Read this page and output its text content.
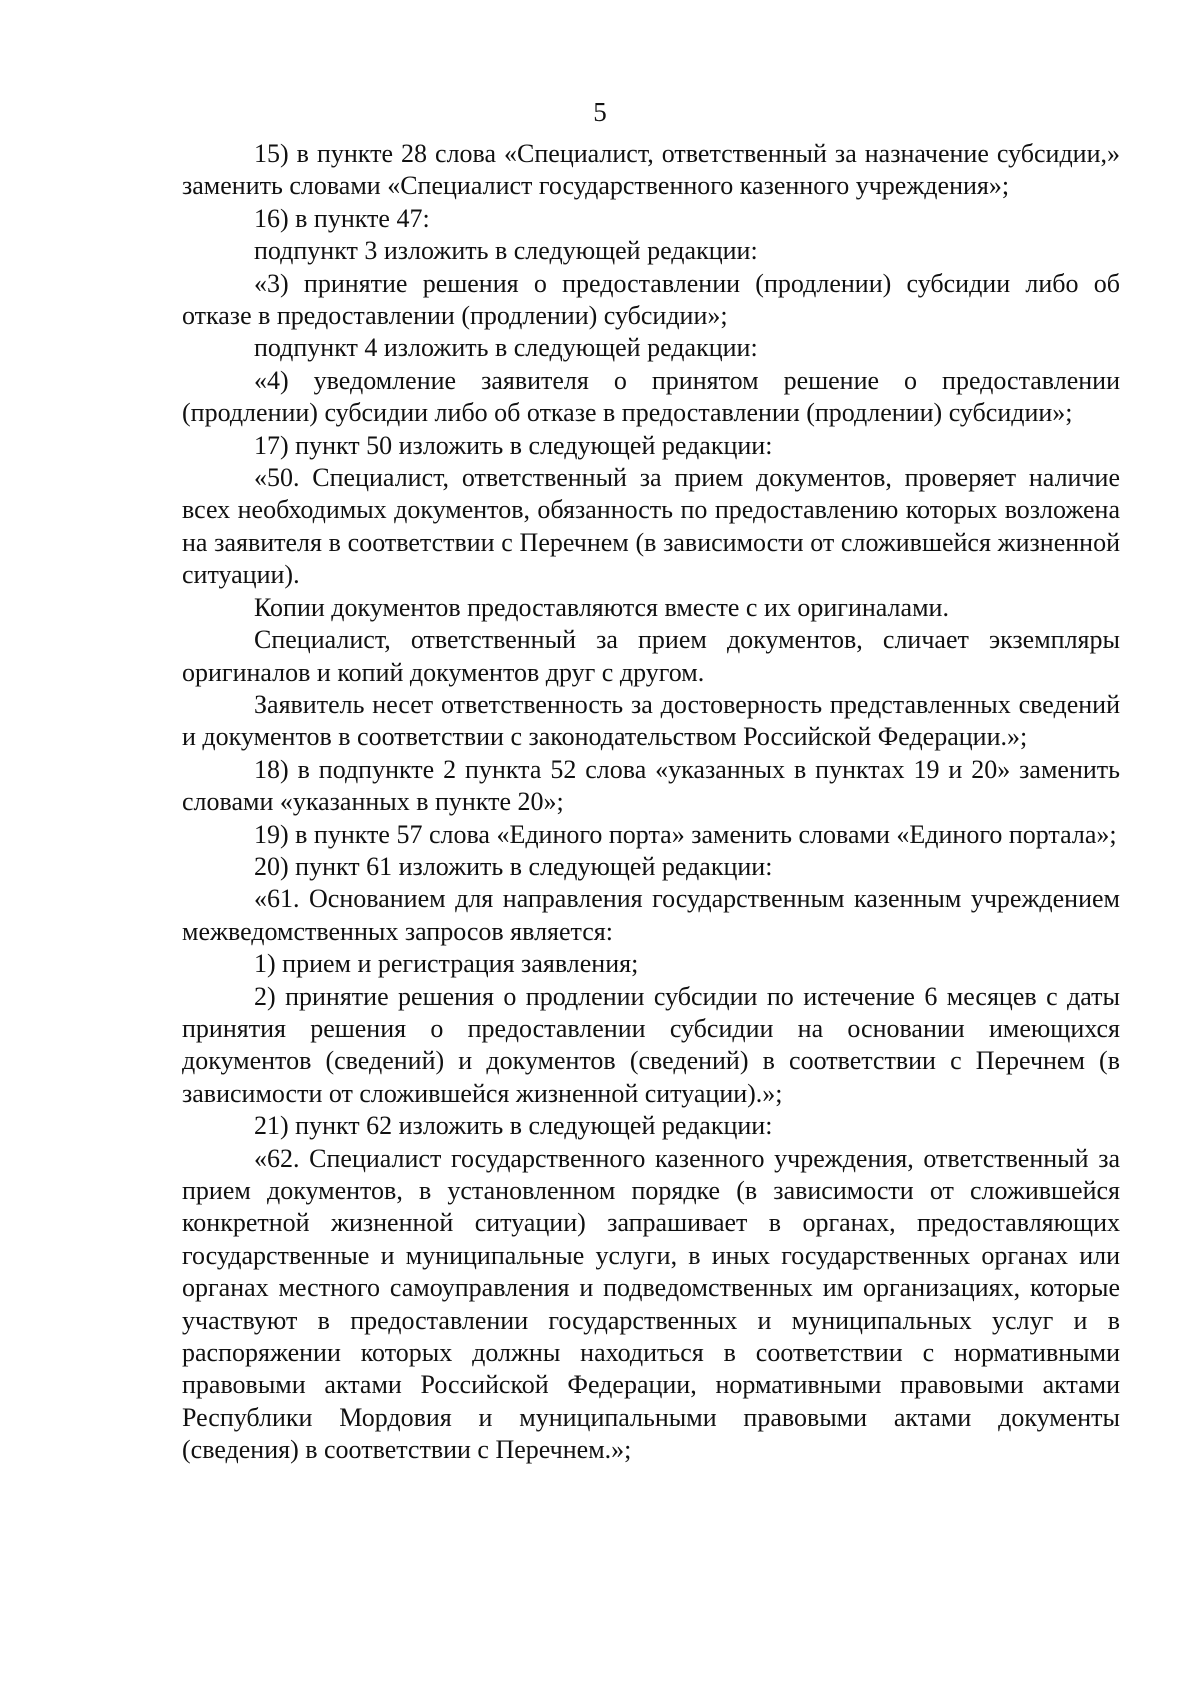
5

15) в пункте 28 слова «Специалист, ответственный за назначение субсидии,» заменить словами «Специалист государственного казенного учреждения»;

16) в пункте 47:

подпункт 3 изложить в следующей редакции:

«3) принятие решения о предоставлении (продлении) субсидии либо об отказе в предоставлении (продлении) субсидии»;

подпункт 4 изложить в следующей редакции:

«4) уведомление заявителя о принятом решение о предоставлении (продлении) субсидии либо об отказе в предоставлении (продлении) субсидии»;

17) пункт 50 изложить в следующей редакции:

«50. Специалист, ответственный за прием документов, проверяет наличие всех необходимых документов, обязанность по предоставлению которых возложена на заявителя в соответствии с Перечнем (в зависимости от сложившейся жизненной ситуации).

Копии документов предоставляются вместе с их оригиналами.

Специалист, ответственный за прием документов, сличает экземпляры оригиналов и копий документов друг с другом.

Заявитель несет ответственность за достоверность представленных сведений и документов в соответствии с законодательством Российской Федерации.»;

18) в подпункте 2 пункта 52 слова «указанных в пунктах 19 и 20» заменить словами «указанных в пункте 20»;

19) в пункте 57 слова «Единого порта» заменить словами «Единого портала»;

20) пункт 61 изложить в следующей редакции:

«61. Основанием для направления государственным казенным учреждением межведомственных запросов является:

1) прием и регистрация заявления;

2) принятие решения о продлении субсидии по истечение 6 месяцев с даты принятия решения о предоставлении субсидии на основании имеющихся документов (сведений) и документов (сведений) в соответствии с Перечнем (в зависимости от сложившейся жизненной ситуации).»;

21) пункт 62 изложить в следующей редакции:

«62. Специалист государственного казенного учреждения, ответственный за прием документов, в установленном порядке (в зависимости от сложившейся конкретной жизненной ситуации) запрашивает в органах, предоставляющих государственные и муниципальные услуги, в иных государственных органах или органах местного самоуправления и подведомственных им организациях, которые участвуют в предоставлении государственных и муниципальных услуг и в распоряжении которых должны находиться в соответствии с нормативными правовыми актами Российской Федерации, нормативными правовыми актами Республики Мордовия и муниципальными правовыми актами документы (сведения) в соответствии с Перечнем.»;
